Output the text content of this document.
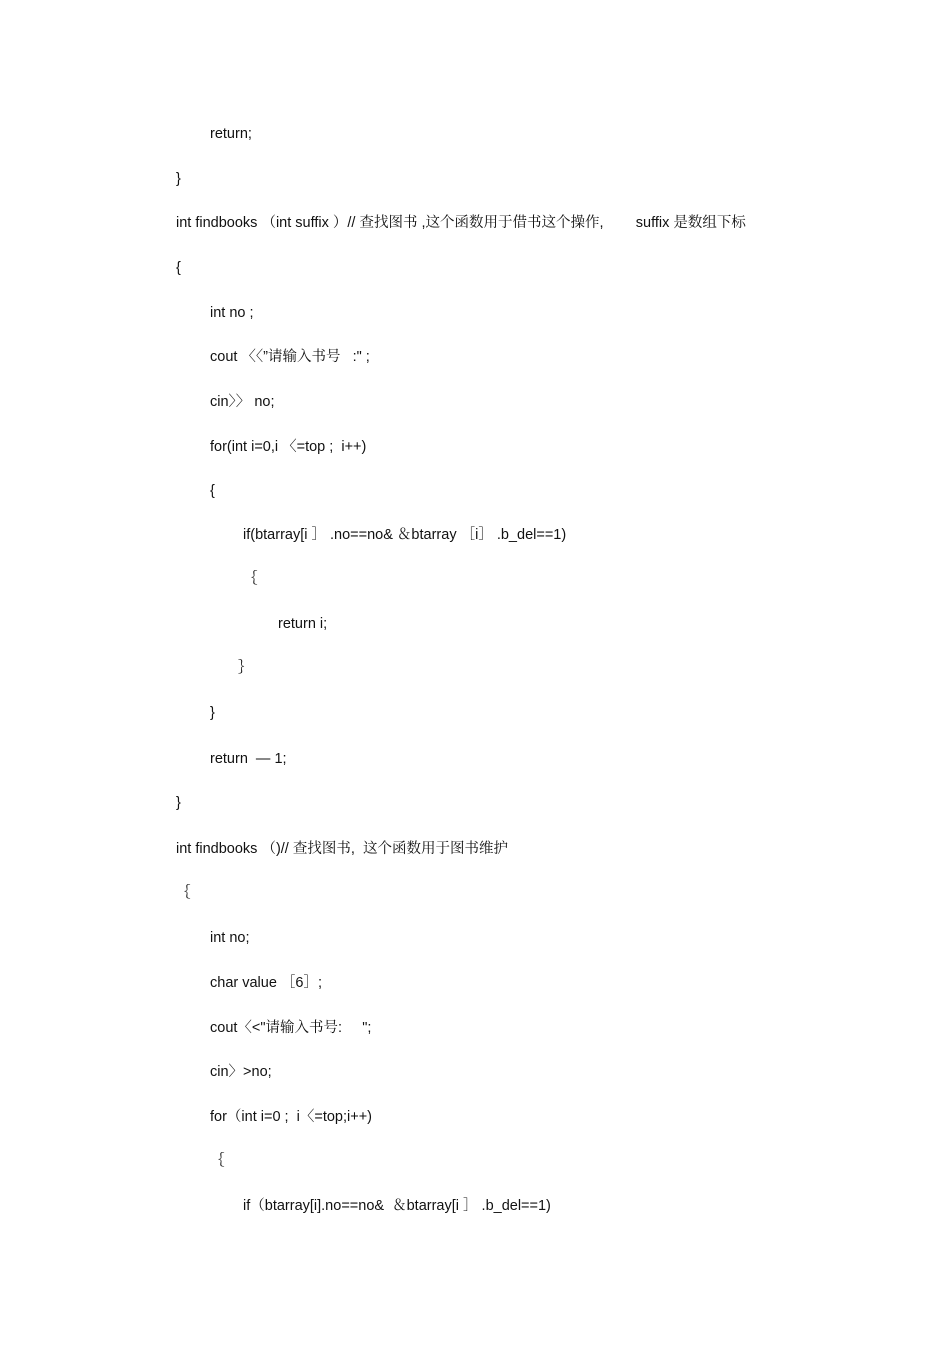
return;
}
int findbooks （int suffix ）// 查找图书 ,这个函数用于借书这个操作,        suffix 是数组下标
{
int no ;
cout 〈〈”请输入书号   :" ;
cin〉〉 no;
for(int i=0,i 〈=top ;  i++)
{
if(btarray[i ］ .no==no& ＆btarray ［i］ .b_del==1)
｛
return i;
｝
}
return  — 1;
}
int findbooks （)// 查找图书,  这个函数用于图书维护
｛
int no;
char value ［6］;
cout〈<"请输入书号:     ";
cin〉>no;
for（int i=0 ;  i〈=top;i++)
｛
if（btarray[i].no==no&  ＆btarray[i ］ .b_del==1)
